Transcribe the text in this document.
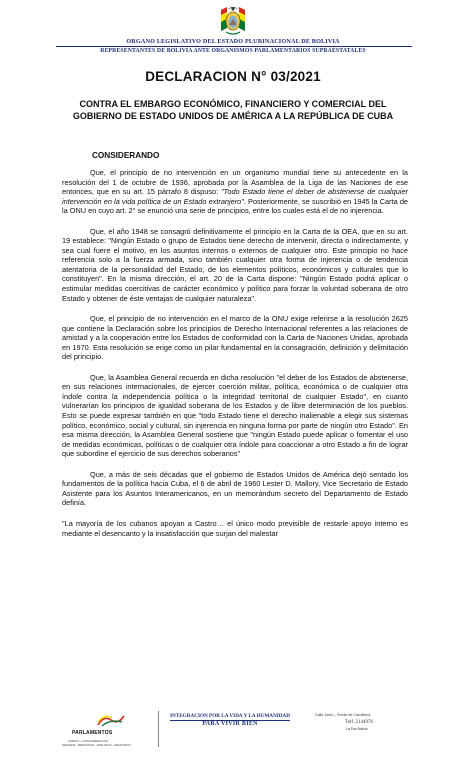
ORGANO LEGISLATIVO DEL ESTADO PLURINACIONAL DE BOLIVIA
REPRESENTANTES DE BOLIVIA ANTE ORGANISMOS PARLAMENTARIOS SUPRAESTATALES
DECLARACION N° 03/2021
CONTRA EL EMBARGO ECONÓMICO, FINANCIERO Y COMERCIAL DEL GOBIERNO DE ESTADO UNIDOS DE AMÉRICA A LA REPÚBLICA DE CUBA
CONSIDERANDO

Que, el principio de no intervención en un organismo mundial tiene su antecedente en la resolución del 1 de octubre de 1936, aprobada por la Asamblea de la Liga de las Naciones de ese entonces, que en su art. 15 párrafo 8 dispuso: "Todo Estado tiene el deber de abstenerse de cualquier intervención en la vida política de un Estado extranjero". Posteriormente, se suscribió en 1945 la Carta de la ONU en cuyo art. 2° se enunció una serie de principios, entre los cuales está el de no injerencia.

Que, el año 1948 se consagró definitivamente el principio en la Carta de la OEA, que en su art. 19 establece: "Ningún Estado o grupo de Estados tiene derecho de intervenir, directa o indirectamente, y sea cual fuere el motivo, en los asuntos internos o externos de cualquier otro. Este principio no hace referencia solo a la fuerza armada, sino también cualquier otra forma de injerencia o de tendencia atentatoria de la personalidad del Estado, de los elementos políticos, económicos y culturales que lo constituyen". En la misma dirección, el art. 20 de la Carta dispone: "Ningún Estado podrá aplicar o estimular medidas coercitivas de carácter económico y político para forzar la voluntad soberana de otro Estado y obtener de éste ventajas de cualquier naturaleza".

Que, el principio de no intervención en el marco de la ONU exige referirse a la resolución 2625 que contiene la Declaración sobre los principios de Derecho Internacional referentes a las relaciones de amistad y a la cooperación entre los Estados de conformidad con la Carta de Naciones Unidas, aprobada en 1970. Esta resolución se erige como un pilar fundamental en la consagración, definición y delimitación del principio.

Que, la Asamblea General recuerda en dicha resolución "el deber de los Estados de abstenerse, en sus relaciones internacionales, de ejercer coerción militar, política, económica o de cualquier otra índole contra la independencia política o la integridad territorial de cualquier Estado", en cuanto vulnerarían los principios de igualdad soberana de los Estados y de libre determinación de los pueblos. Esto se puede expresar también en que "todo Estado tiene el derecho inalienable a elegir sus sistemas político, económico, social y cultural, sin injerencia en ninguna forma por parte de ningún otro Estado". En esa misma dirección, la Asamblea General sostiene que "ningún Estado puede aplicar o fomentar el uso de medidas económicas, políticas o de cualquier otra índole para coaccionar a otro Estado a fin de lograr que subordine el ejercicio de sus derechos soberanos"

Que, a más de seis décadas que el gobierno de Estados Unidos de América dejó sentado los fundamentos de la política hacia Cuba, el 6 de abril de 1960 Lester D. Mallory, Vice Secretario de Estado Asistente para los Asuntos Interamericanos, en un memorándum secreto del Departamento de Estado definía.

"La mayoría de los cubanos apoyan a Castro… el único modo previsible de restarle apoyo interno es mediante el desencanto y la insatisfacción que surjan del malestar

PARLAMENTOS
ANDINO - LATINOAMERICANO
INDIGENA - MERCOSUR - PARLASUR - AMAZONICO
INTEGRACION POR LA VIDA Y LA HUMANIDAD
PARA VIVIR BIEN
Calle Junín – Frente de Cancillería
Telf. 2144976
La Paz Bolivia
